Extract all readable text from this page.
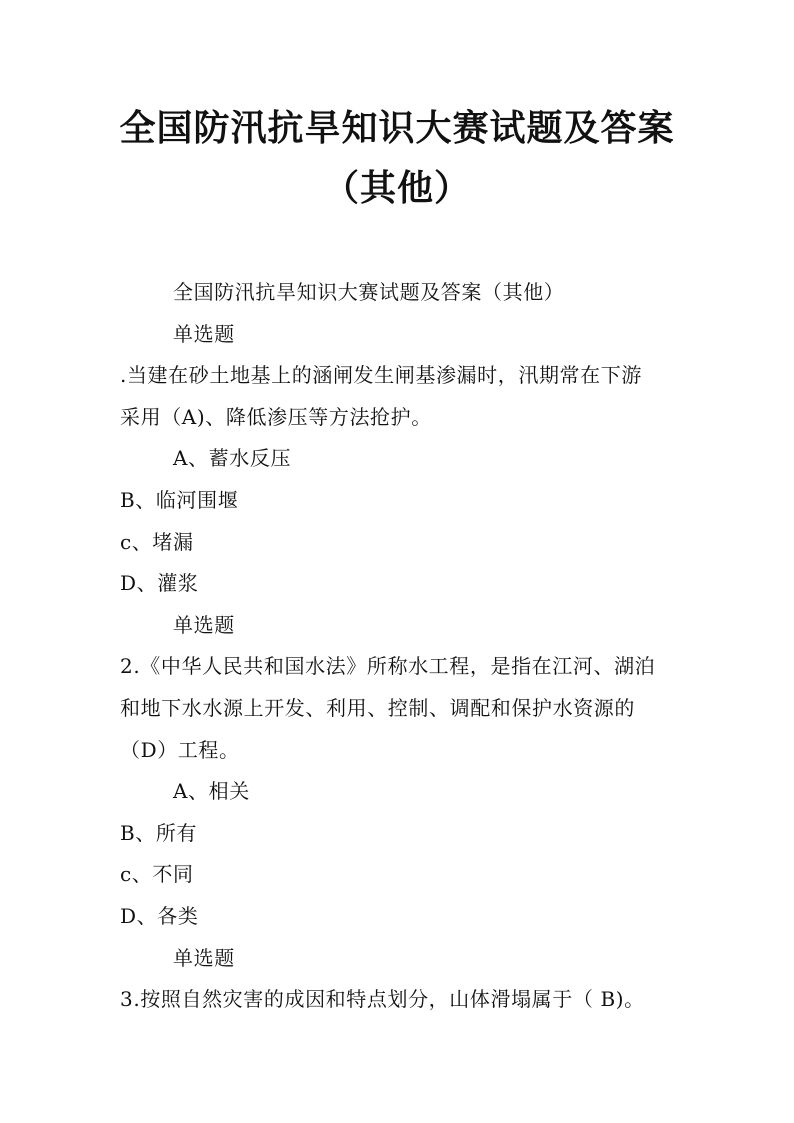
全国防汛抗旱知识大赛试题及答案
（其他）
全国防汛抗旱知识大赛试题及答案（其他）
单选题
.当建在砂土地基上的涵闸发生闸基渗漏时，汛期常在下游
采用（A)、降低渗压等方法抢护。
A、蓄水反压
B、临河围堰
c、堵漏
D、灌浆
单选题
2.《中华人民共和国水法》所称水工程，是指在江河、湖泊
和地下水水源上开发、利用、控制、调配和保护水资源的
（D）工程。
A、相关
B、所有
c、不同
D、各类
单选题
3.按照自然灾害的成因和特点划分，山体滑塌属于（ B)。
